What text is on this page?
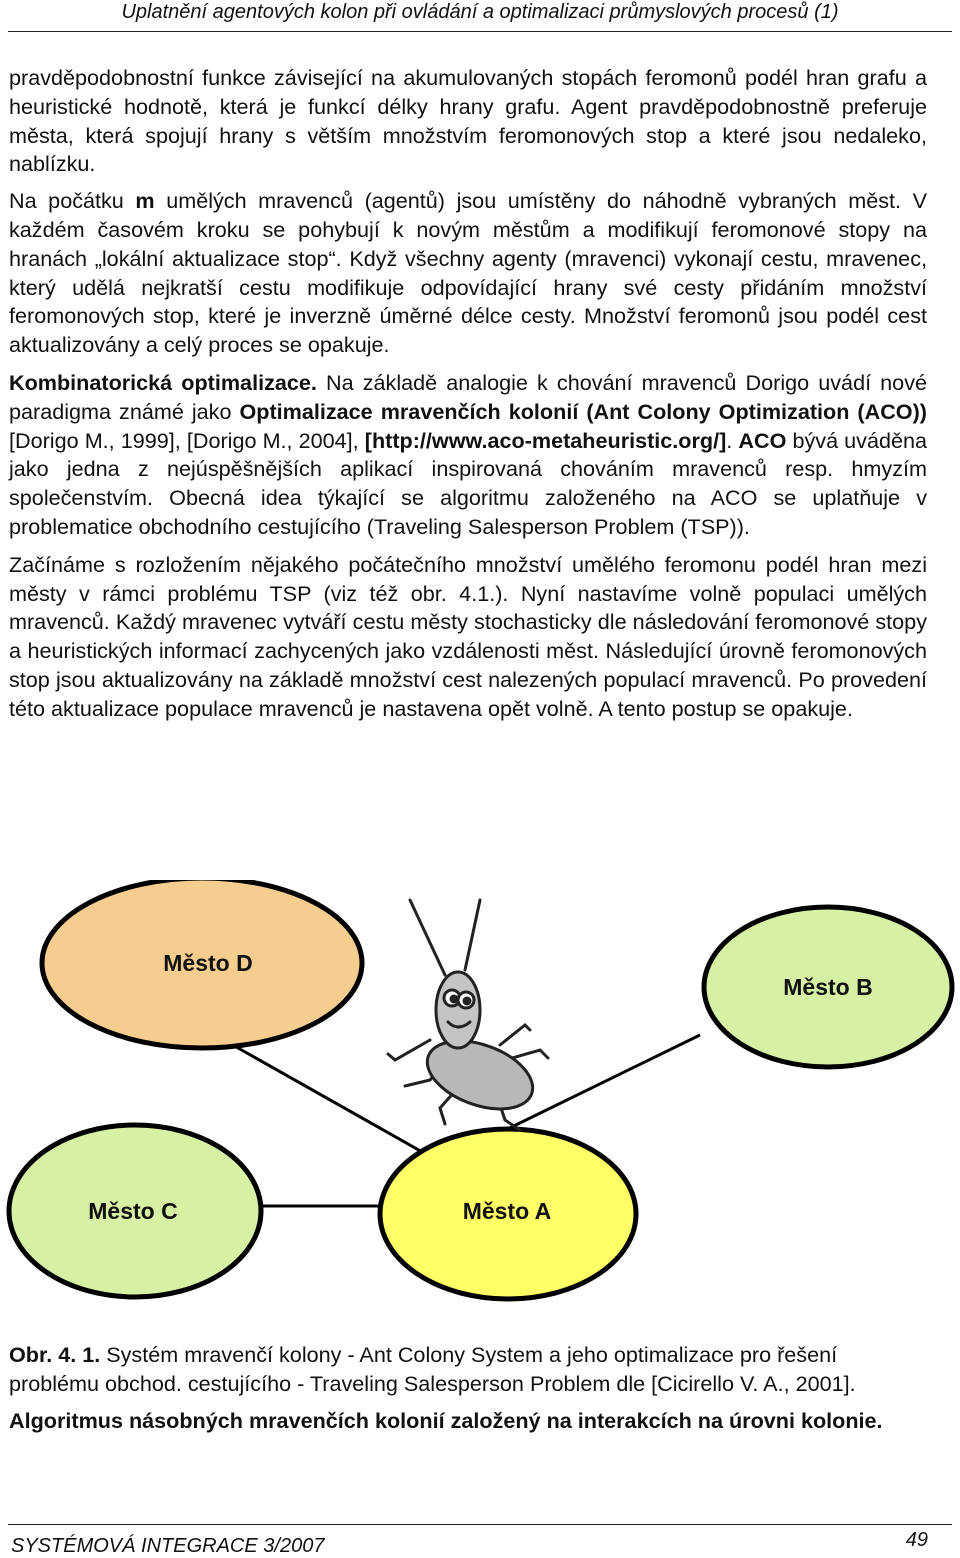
Uplatnění agentových kolon při ovládání a optimalizaci průmyslových procesů (1)

pravděpodobnostní funkce závisející na akumulovaných stopách feromonů podél hran grafu a heuristické hodnotě, která je funkcí délky hrany grafu. Agent pravděpodobnostně preferuje města, která spojují hrany s větším množstvím feromonových stop a které jsou nedaleko, nablízku.

Na počátku m umělých mravenců (agentů) jsou umístěny do náhodně vybraných měst. V každém časovém kroku se pohybují k novým městům a modifikují feromonové stopy na hranách „lokální aktualizace stop“. Když všechny agenty (mravenci) vykonají cestu, mravenec, který udělá nejkratší cestu modifikuje odpovídající hrany své cesty přidáním množství feromonových stop, které je inverzně úměrné délce cesty. Množství feromonů jsou podél cest aktualizovány a celý proces se opakuje.

Kombinatorická optimalizace. Na základě analogie k chování mravenců Dorigo uvádí nové paradigma známé jako Optimalizace mravenčích kolonií (Ant Colony Optimization (ACO)) [Dorigo M., 1999], [Dorigo M., 2004], [http://www.aco-metaheuristic.org/]. ACO bývá uváděna jako jedna z nejúspěšnějších aplikací inspirovaná chováním mravenců resp. hmyzím společenstvím. Obecná idea týkající se algoritmu založeného na ACO se uplatňuje v problematice obchodního cestujícího (Traveling Salesperson Problem (TSP)).

Začínáme s rozložením nějakého počátečního množství umělého feromonu podél hran mezi městy v rámci problému TSP (viz též obr. 4.1.). Nyní nastavíme volně populaci umělých mravenců. Každý mravenec vytváří cestu městy stochasticky dle následování feromonové stopy a heuristických informací zachycených jako vzdálenosti měst. Následující úrovně feromonových stop jsou aktualizovány na základě množství cest nalezených populací mravenců. Po provedení této aktualizace populace mravenců je nastavena opět volně. A tento postup se opakuje.

Město D
Město B
Město C	Město A

Obr. 4. 1. Systém mravenčí kolony - Ant Colony System a jeho optimalizace pro řešení problému obchod. cestujícího - Traveling Salesperson Problem dle [Cicirello V. A., 2001].

Algoritmus násobných mravenčích kolonií založený na interakcích na úrovni kolonie.

SYSTÉMOVÁ INTEGRACE 3/2007	49
